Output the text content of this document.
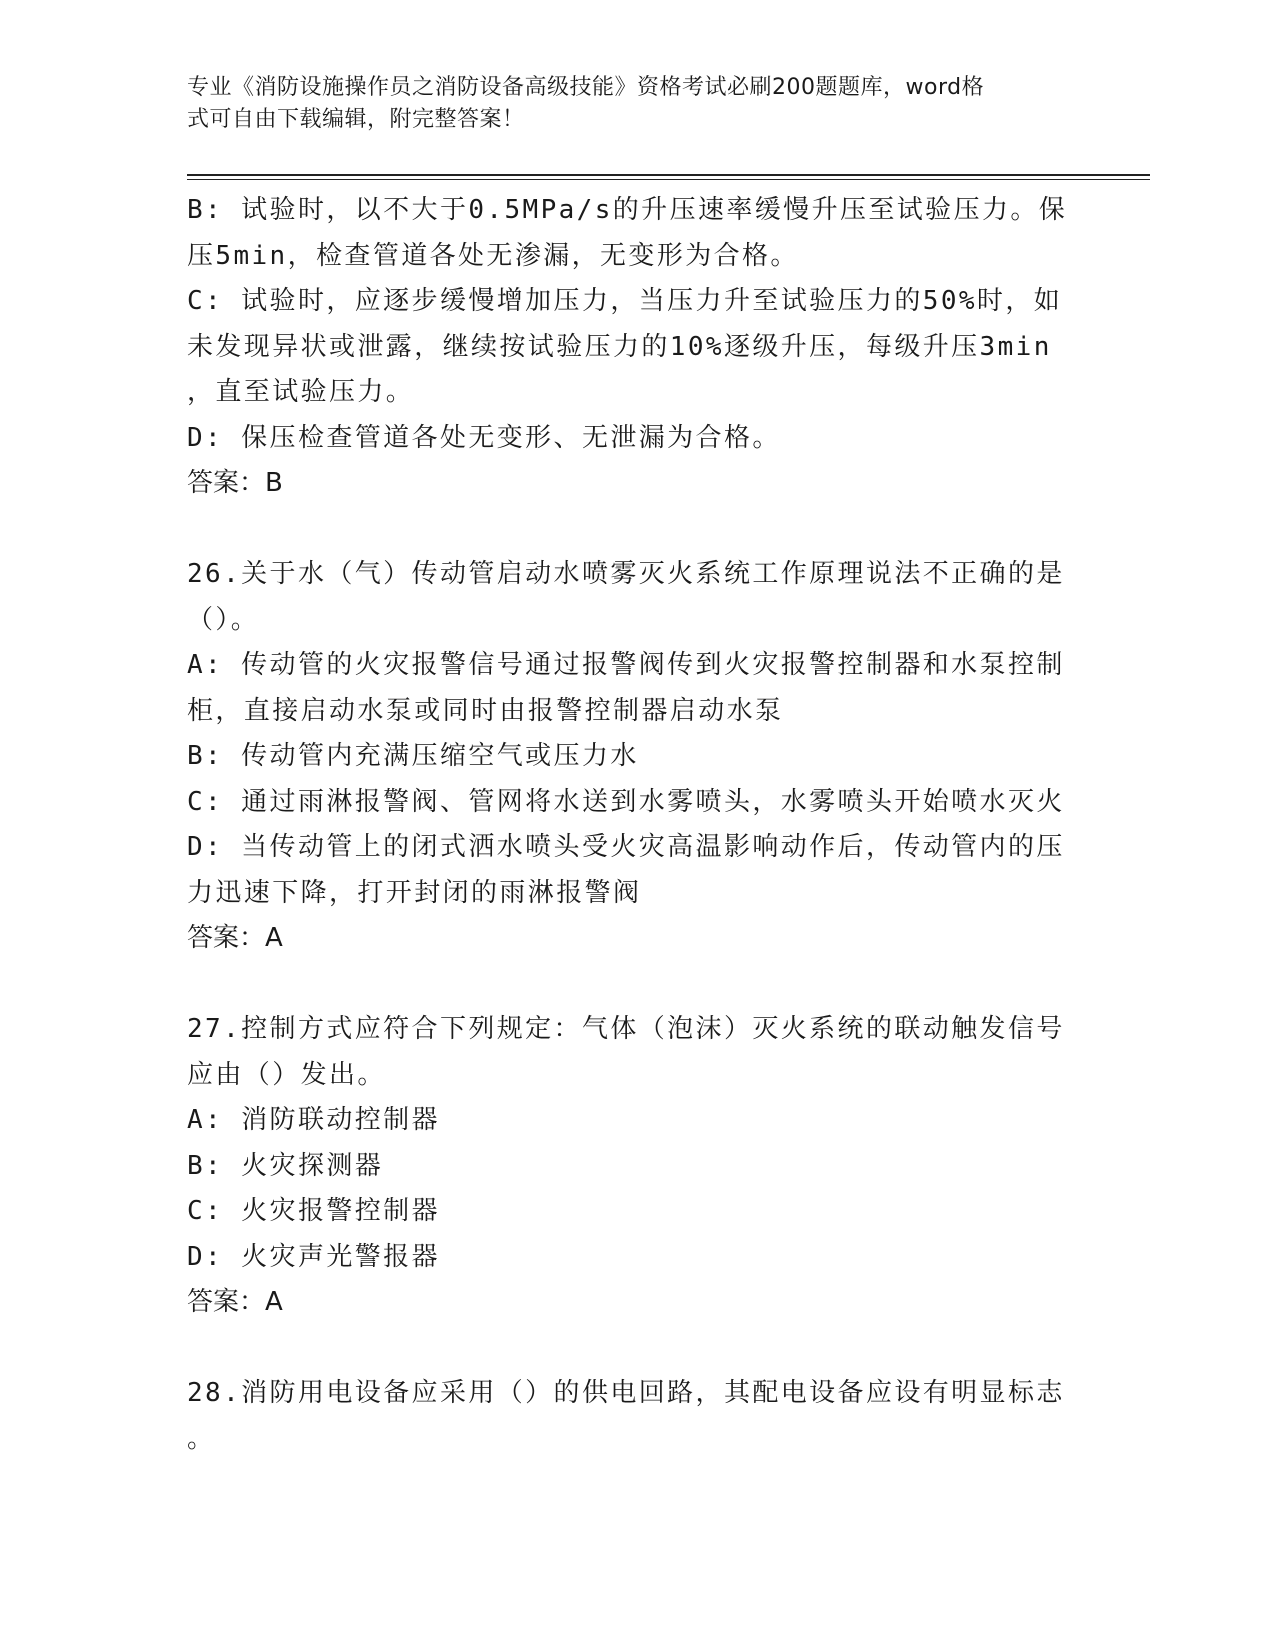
专业《消防设施操作员之消防设备高级技能》资格考试必刷200题题库，word格
式可自由下载编辑，附完整答案！
B: 试验时，以不大于0.5MPa/s的升压速率缓慢升压至试验压力。保
压5min，检查管道各处无渗漏，无变形为合格。
C: 试验时，应逐步缓慢增加压力，当压力升至试验压力的50%时，如
未发现异状或泄露，继续按试验压力的10%逐级升压，每级升压3min
，直至试验压力。
D: 保压检查管道各处无变形、无泄漏为合格。
答案：B
26.关于水（气）传动管启动水喷雾灭火系统工作原理说法不正确的是
（）。
A: 传动管的火灾报警信号通过报警阀传到火灾报警控制器和水泵控制
柜，直接启动水泵或同时由报警控制器启动水泵
B: 传动管内充满压缩空气或压力水
C: 通过雨淋报警阀、管网将水送到水雾喷头，水雾喷头开始喷水灭火
D: 当传动管上的闭式洒水喷头受火灾高温影响动作后，传动管内的压
力迅速下降，打开封闭的雨淋报警阀
答案：A
27.控制方式应符合下列规定：气体（泡沫）灭火系统的联动触发信号
应由（）发出。
A: 消防联动控制器
B: 火灾探测器
C: 火灾报警控制器
D: 火灾声光警报器
答案：A
28.消防用电设备应采用（）的供电回路，其配电设备应设有明显标志
。
